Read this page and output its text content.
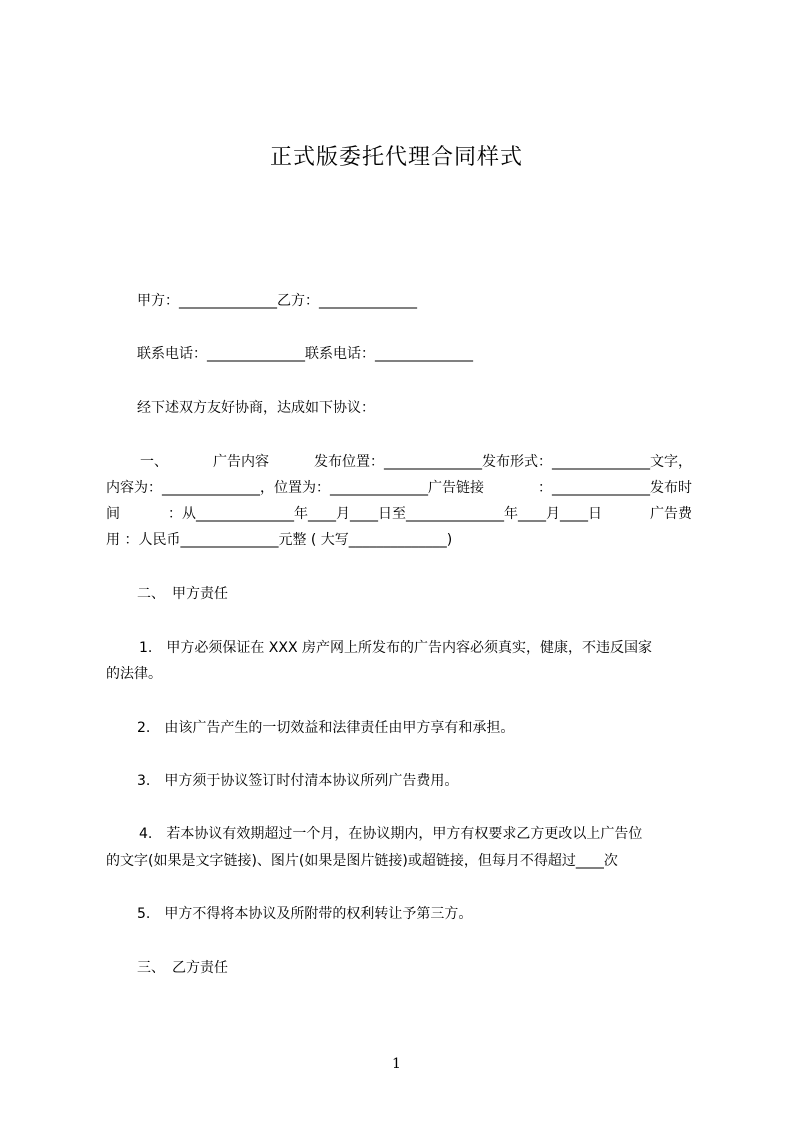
正式版委托代理合同样式
甲方：______________乙方：______________
联系电话：______________联系电话：______________
经下述双方友好协商，达成如下协议：
一、	广告内容	发布位置：______________发布形式：______________文字，
内容为：______________，位置为：______________广告链接	：______________发布时
间	：从______________年____月____日至______________年____月____日	广告费
用 ：人民币______________元整 ( 大写______________)
二、　甲方责任
1.　甲方必须保证在 XXX 房产网上所发布的广告内容必须真实，健康，不违反国家
的法律。
2.　由该广告产生的一切效益和法律责任由甲方享有和承担。
3.　甲方须于协议签订时付清本协议所列广告费用。
4.　若本协议有效期超过一个月，在协议期内，甲方有权要求乙方更改以上广告位
的文字(如果是文字链接)、图片(如果是图片链接)或超链接，但每月不得超过____次
5.　甲方不得将本协议及所附带的权利转让予第三方。
三、　乙方责任
1
